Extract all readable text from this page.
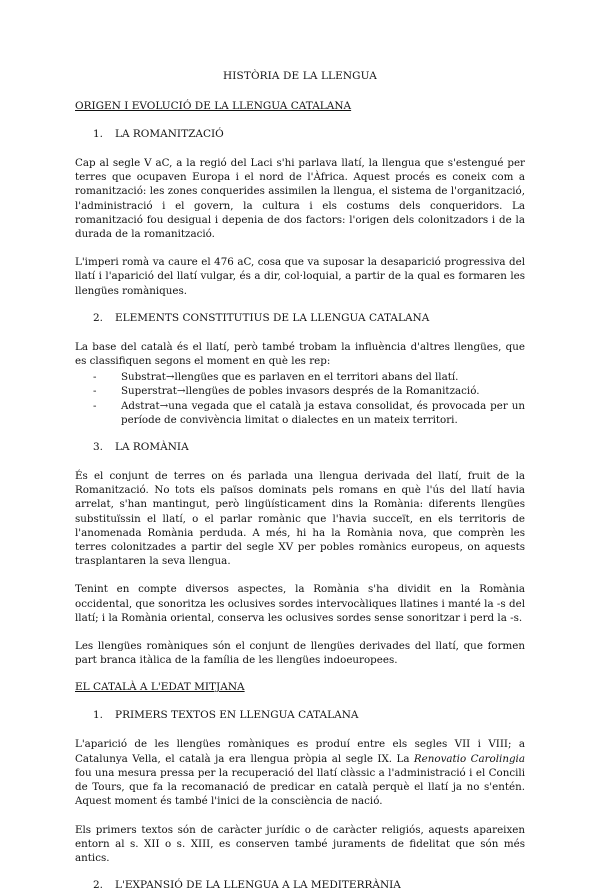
HISTÒRIA DE LA LLENGUA
ORIGEN I EVOLUCIÓ DE LA LLENGUA CATALANA
1.	LA ROMANITZACIÓ

Cap al segle V aC, a la regió del Laci s'hi parlava llatí, la llengua que s'estengué per terres que ocupaven Europa i el nord de l'Àfrica. Aquest procés es coneix com a romanització: les zones conquerides assimilen la llengua, el sistema de l'organització, l'administració i el govern, la cultura i els costums dels conqueridors. La romanització fou desigual i depenia de dos factors: l'origen dels colonitzadors i de la durada de la romanització.

L'imperi romà va caure el 476 aC, cosa que va suposar la desaparició progressiva del llatí i l'aparició del llatí vulgar, és a dir, col·loquial, a partir de la qual es formaren les llengües romàniques.

2.	ELEMENTS CONSTITUTIUS DE LA LLENGUA CATALANA

La base del català és el llatí, però també trobam la influència d'altres llengües, que es classifiquen segons el moment en què les rep:

-	Substrat→llengües que es parlaven en el territori abans del llatí.
-	Superstrat→llengües de pobles invasors després de la Romanització.
-	Adstrat→una vegada que el català ja estava consolidat, és provocada per un període de convivència limitat o dialectes en un mateix territori.
3.	LA ROMÀNIA

És el conjunt de terres on és parlada una llengua derivada del llatí, fruit de la Romanització. No tots els països dominats pels romans en què l'ús del llatí havia arrelat, s'han mantingut, però lingüísticament dins la Romània: diferents llengües substituïssin el llatí, o el parlar romànic que l'havia succeït, en els territoris de l'anomenada Romània perduda. A més, hi ha la Romània nova, que comprèn les terres colonitzades a partir del segle XV per pobles romànics europeus, on aquests trasplantaren la seva llengua.

Tenint en compte diversos aspectes, la Romània s'ha dividit en la Romània occidental, que sonoritza les oclusives sordes intervocàliques llatines i manté la -s del llatí; i la Romània oriental, conserva les oclusives sordes sense sonoritzar i perd la -s.

Les llengües romàniques són el conjunt de llengües derivades del llatí, que formen part branca itàlica de la família de les llengües indoeuropees.

EL CATALÀ A L'EDAT MITJANA
1.	PRIMERS TEXTOS EN LLENGUA CATALANA

L'aparició de les llengües romàniques es produí entre els segles VII i VIII; a Catalunya Vella, el català ja era llengua pròpia al segle IX. La Renovatio Carolingia fou una mesura pressa per la recuperació del llatí clàssic a l'administració i el Concili de Tours, que fa la recomanació de predicar en català perquè el llatí ja no s'entén. Aquest moment és també l'inici de la consciència de nació.

Els primers textos són de caràcter jurídic o de caràcter religiós, aquests apareixen entorn al s. XII o s. XIII, es conserven també juraments de fidelitat que són més antics.

2.	L'EXPANSIÓ DE LA LLENGUA A LA MEDITERRÀNIA
